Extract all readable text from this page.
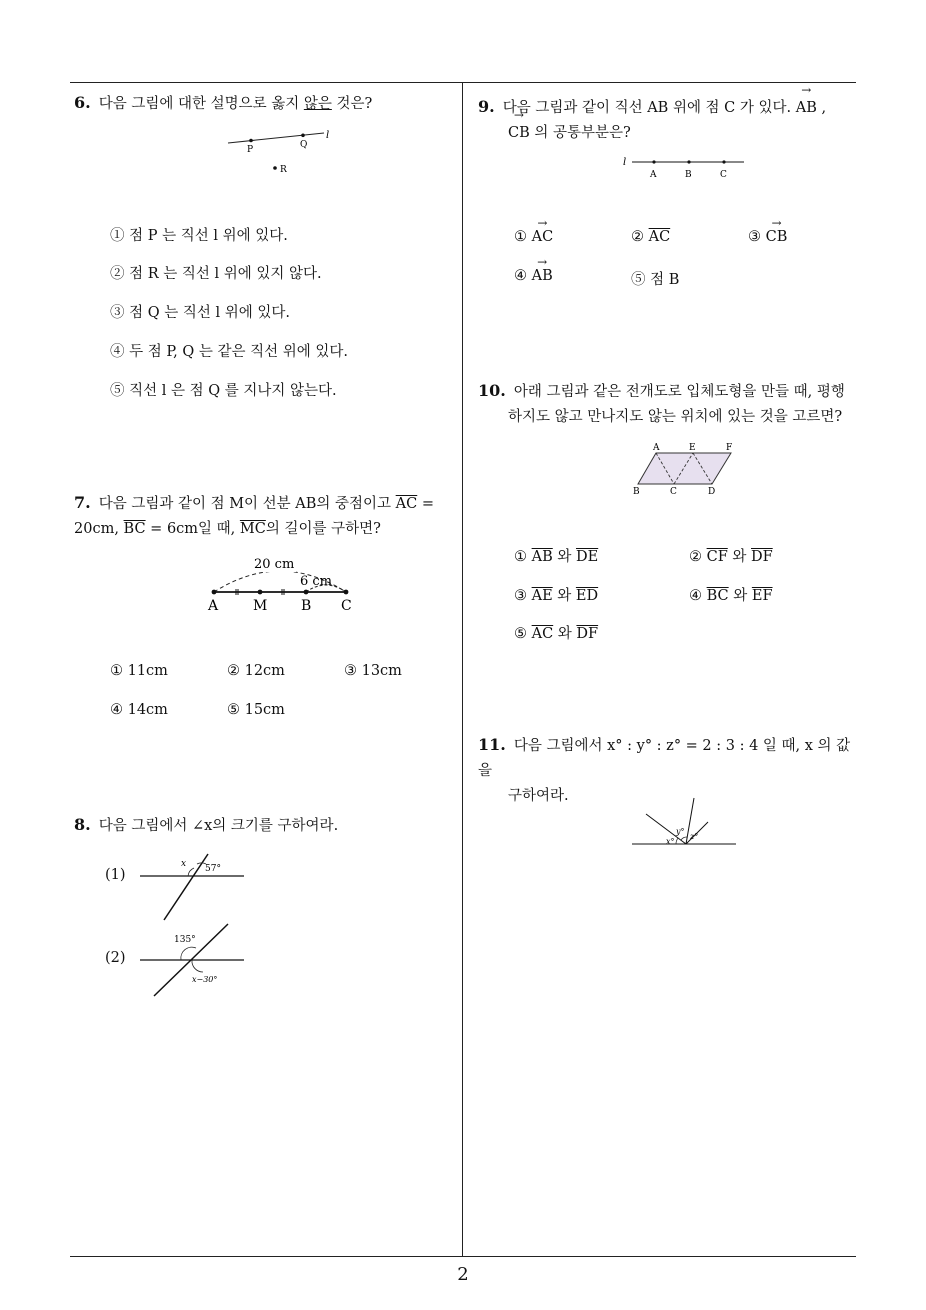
2
6. 다음 그림에 대한 설명으로 옳지 않은 것은?
P	Q
R
l
① 점 P 는 직선 l 위에 있다.
② 점 R 는 직선 l 위에 있지 않다.
③ 점 Q 는 직선 l 위에 있다.
④ 두 점 P, Q 는 같은 직선 위에 있다.
⑤ 직선 l 은 점 Q 를 지나지 않는다.
7. 다음 그림과 같이 점 M이 선분 AB의 중점이고 $\overline{AC}$ =
20cm, $\overline{BC} = 6cm$일 때, $\overline{MC}$의 길이를 구하면?
20 cm
6 cm
A M B C
① 11cm	② 12cm	③ 13cm
④ 14cm	⑤ 15cm
8. 다음 그림에서 ∠x의 크기를 구하여라.
(1)
x 57°
(2)
135°
x−30°
9. 다음 그림과 같이 직선 AB 위에 점 C 가 있다. → AB ,
→ CB 의 공통부분은?
l
A	B	C
① → AC	② $\overline{AC}$	③ → CB
④ → AB	⑤ 점 B
10. 아래 그림과 같은 전개도로 입체도형을 만들 때, 평행
하지도 않고 만나지도 않는 위치에 있는 것을 고르면?
A	E	F
B	C	D
① $\overline{AB}$ 와 $\overline{DE}$	② $\overline{CF}$ 와 $\overline{DF}$
③ $\overline{AE}$ 와 $\overline{ED}$	④ $\overline{BC}$ 와 $\overline{EF}$
⑤ $\overline{AC}$ 와 $\overline{DF}$
11. 다음 그림에서 x° : y° : z° = 2 : 3 : 4 일 때, x 의 값을
구하여라.
x°
y°
z°
